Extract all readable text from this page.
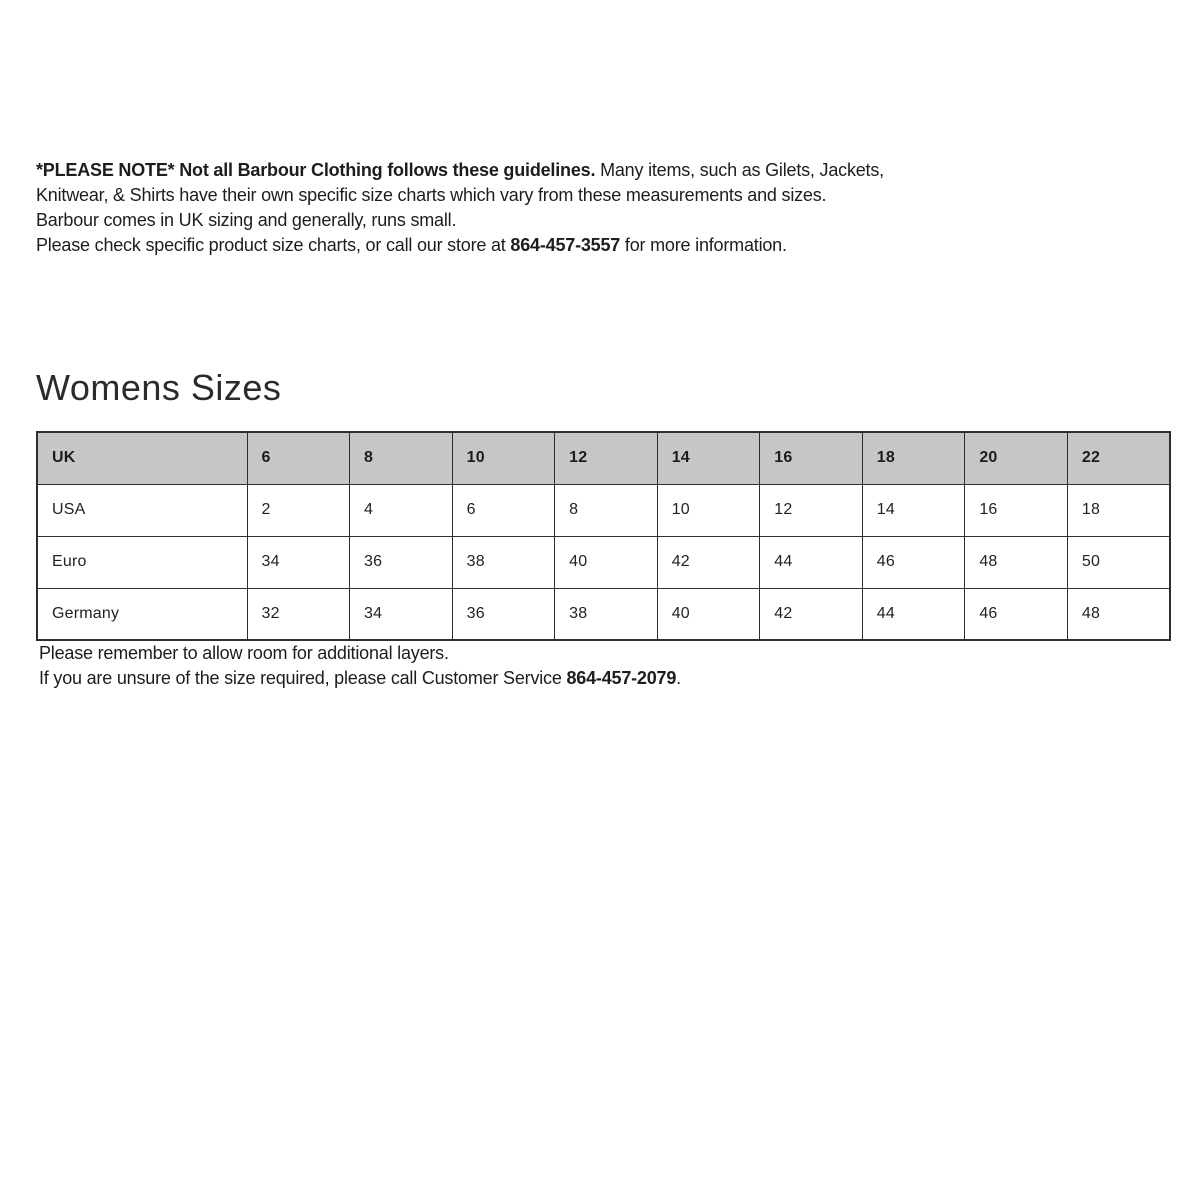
*PLEASE NOTE* Not all Barbour Clothing follows these guidelines. Many items, such as Gilets, Jackets,
Knitwear, & Shirts have their own specific size charts which vary from these measurements and sizes.

Barbour comes in UK sizing and generally, runs small.

Please check specific product size charts, or call our store at 864-457-3557 for more information.

Womens Sizes
UK	6	8	10	12	14	16	18	20	22
USA	2	4	6	8	10	12	14	16	18
Euro	34	36	38	40	42	44	46	48	50
Germany	32	34	36	38	40	42	44	46	48

Please remember to allow room for additional layers.

If you are unsure of the size required, please call Customer Service 864-457-2079.
